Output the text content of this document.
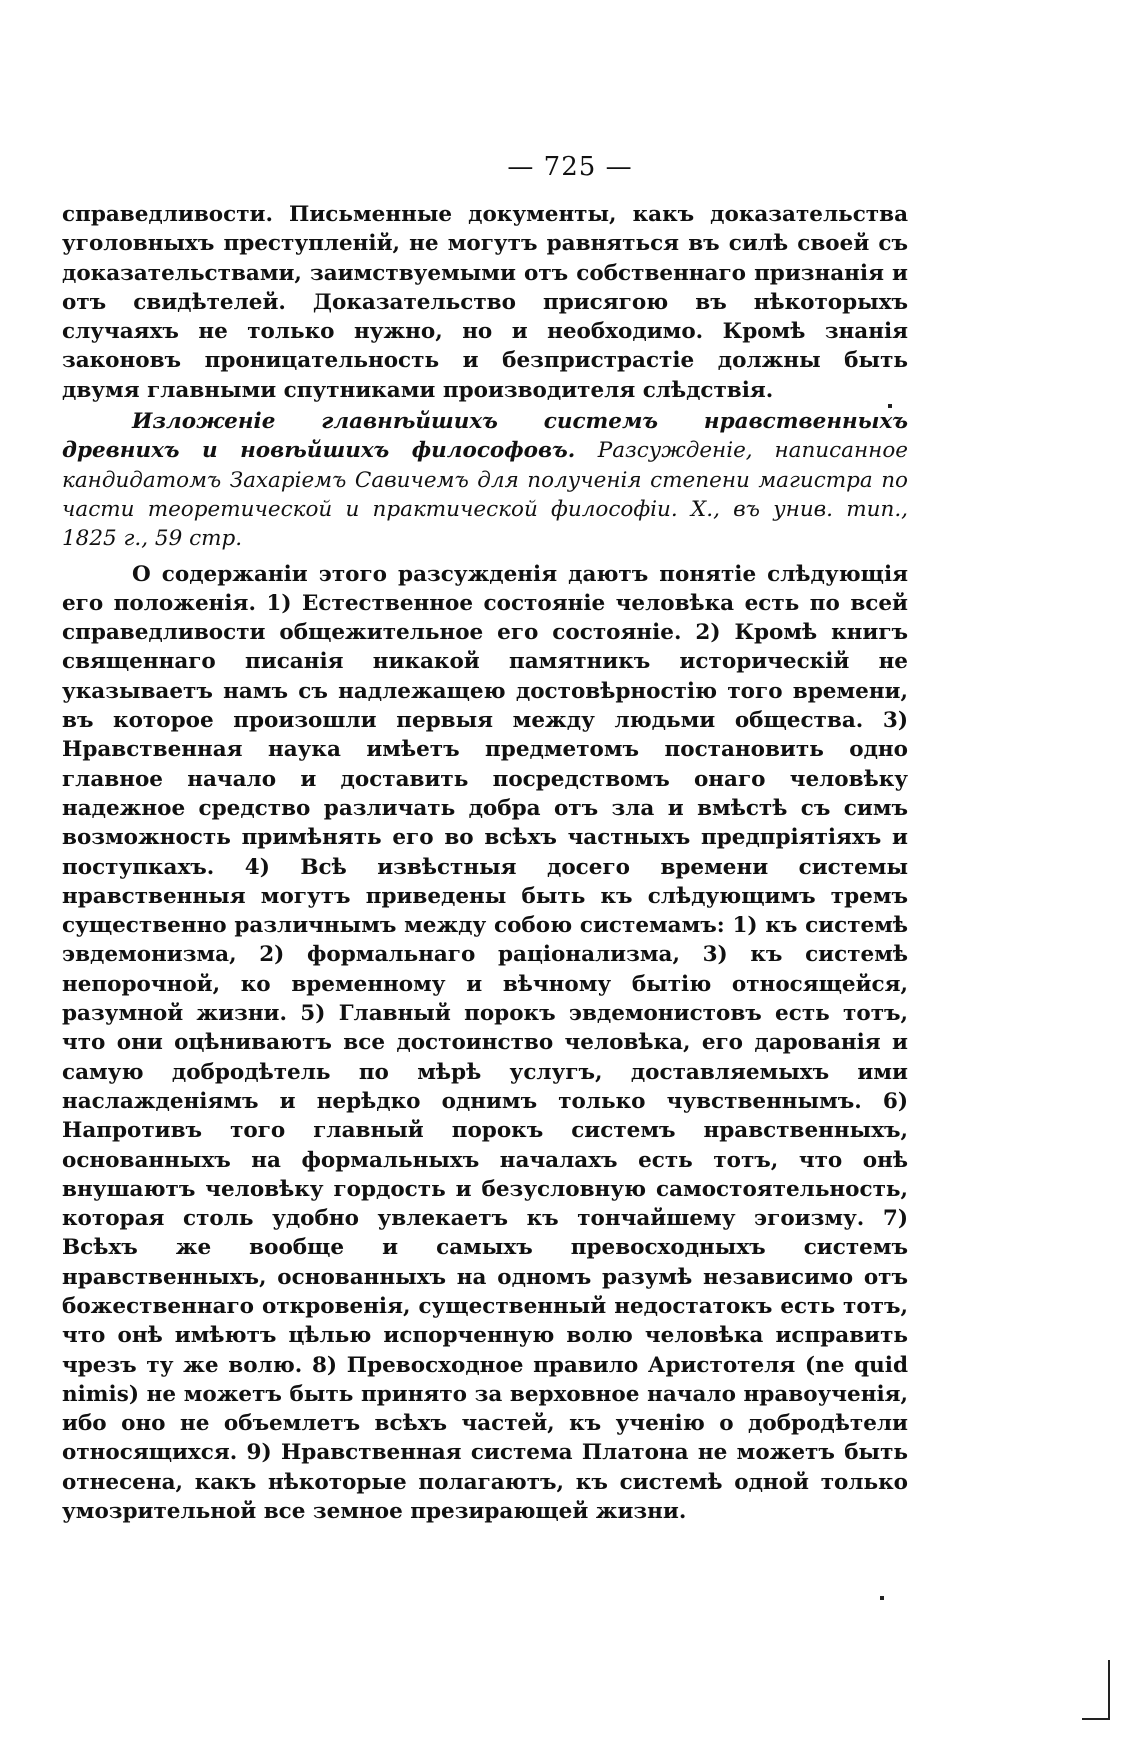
— 725 —

справедливости. Письменные документы, какъ доказательства уголовныхъ преступленій, не могутъ равняться въ силѣ своей съ доказательствами, заимствуемыми отъ собственнаго признанія и отъ свидѣтелей. Доказательство присягою въ нѣкоторыхъ случаяхъ не только нужно, но и необходимо. Кромѣ знанія законовъ проницательность и безпристрастіе должны быть двумя главными спутниками производителя слѣдствія.

Изложеніе главнѣйшихъ системъ нравственныхъ древнихъ и новѣйшихъ философовъ. Разсужденіе, написанное кандидатомъ Захаріемъ Савичемъ для полученія степени магистра по части теоретической и практической философіи. Х., въ унив. тип., 1825 г., 59 стр.

О содержаніи этого разсужденія даютъ понятіе слѣдующія его положенія. 1) Естественное состояніе человѣка есть по всей справедливости общежительное его состояніе. 2) Кромѣ книгъ священнаго писанія никакой памятникъ историческій не указываетъ намъ съ надлежащею достовѣрностію того времени, въ которое произошли первыя между людьми общества. 3) Нравственная наука имѣетъ предметомъ постановить одно главное начало и доставить посредствомъ онаго человѣку надежное средство различать добра отъ зла и вмѣстѣ съ симъ возможность примѣнять его во всѣхъ частныхъ предпріятіяхъ и поступкахъ. 4) Всѣ извѣстныя досего времени системы нравственныя могутъ приведены быть къ слѣдующимъ тремъ существенно различнымъ между собою системамъ: 1) къ системѣ эвдемонизма, 2) формальнаго раціонализма, 3) къ системѣ непорочной, ко временному и вѣчному бытію относящейся, разумной жизни. 5) Главный порокъ эвдемонистовъ есть тотъ, что они оцѣниваютъ все достоинство человѣка, его дарованія и самую добродѣтель по мѣрѣ услугъ, доставляемыхъ ими наслажденіямъ и нерѣдко однимъ только чувственнымъ. 6) Напротивъ того главный порокъ системъ нравственныхъ, основанныхъ на формальныхъ началахъ есть тотъ, что онѣ внушаютъ человѣку гордость и безусловную самостоятельность, которая столь удобно увлекаетъ къ тончайшему эгоизму. 7) Всѣхъ же вообще и самыхъ превосходныхъ системъ нравственныхъ, основанныхъ на одномъ разумѣ независимо отъ божественнаго откровенія, существенный недостатокъ есть тотъ, что онѣ имѣютъ цѣлью испорченную волю человѣка исправить чрезъ ту же волю. 8) Превосходное правило Аристотеля (ne quid nimis) не можетъ быть принято за верховное начало нравоученія, ибо оно не объемлетъ всѣхъ частей, къ ученію о добродѣтели относящихся. 9) Нравственная система Платона не можетъ быть отнесена, какъ нѣкоторые полагаютъ, къ системѣ одной только умозрительной все земное презирающей жизни.
